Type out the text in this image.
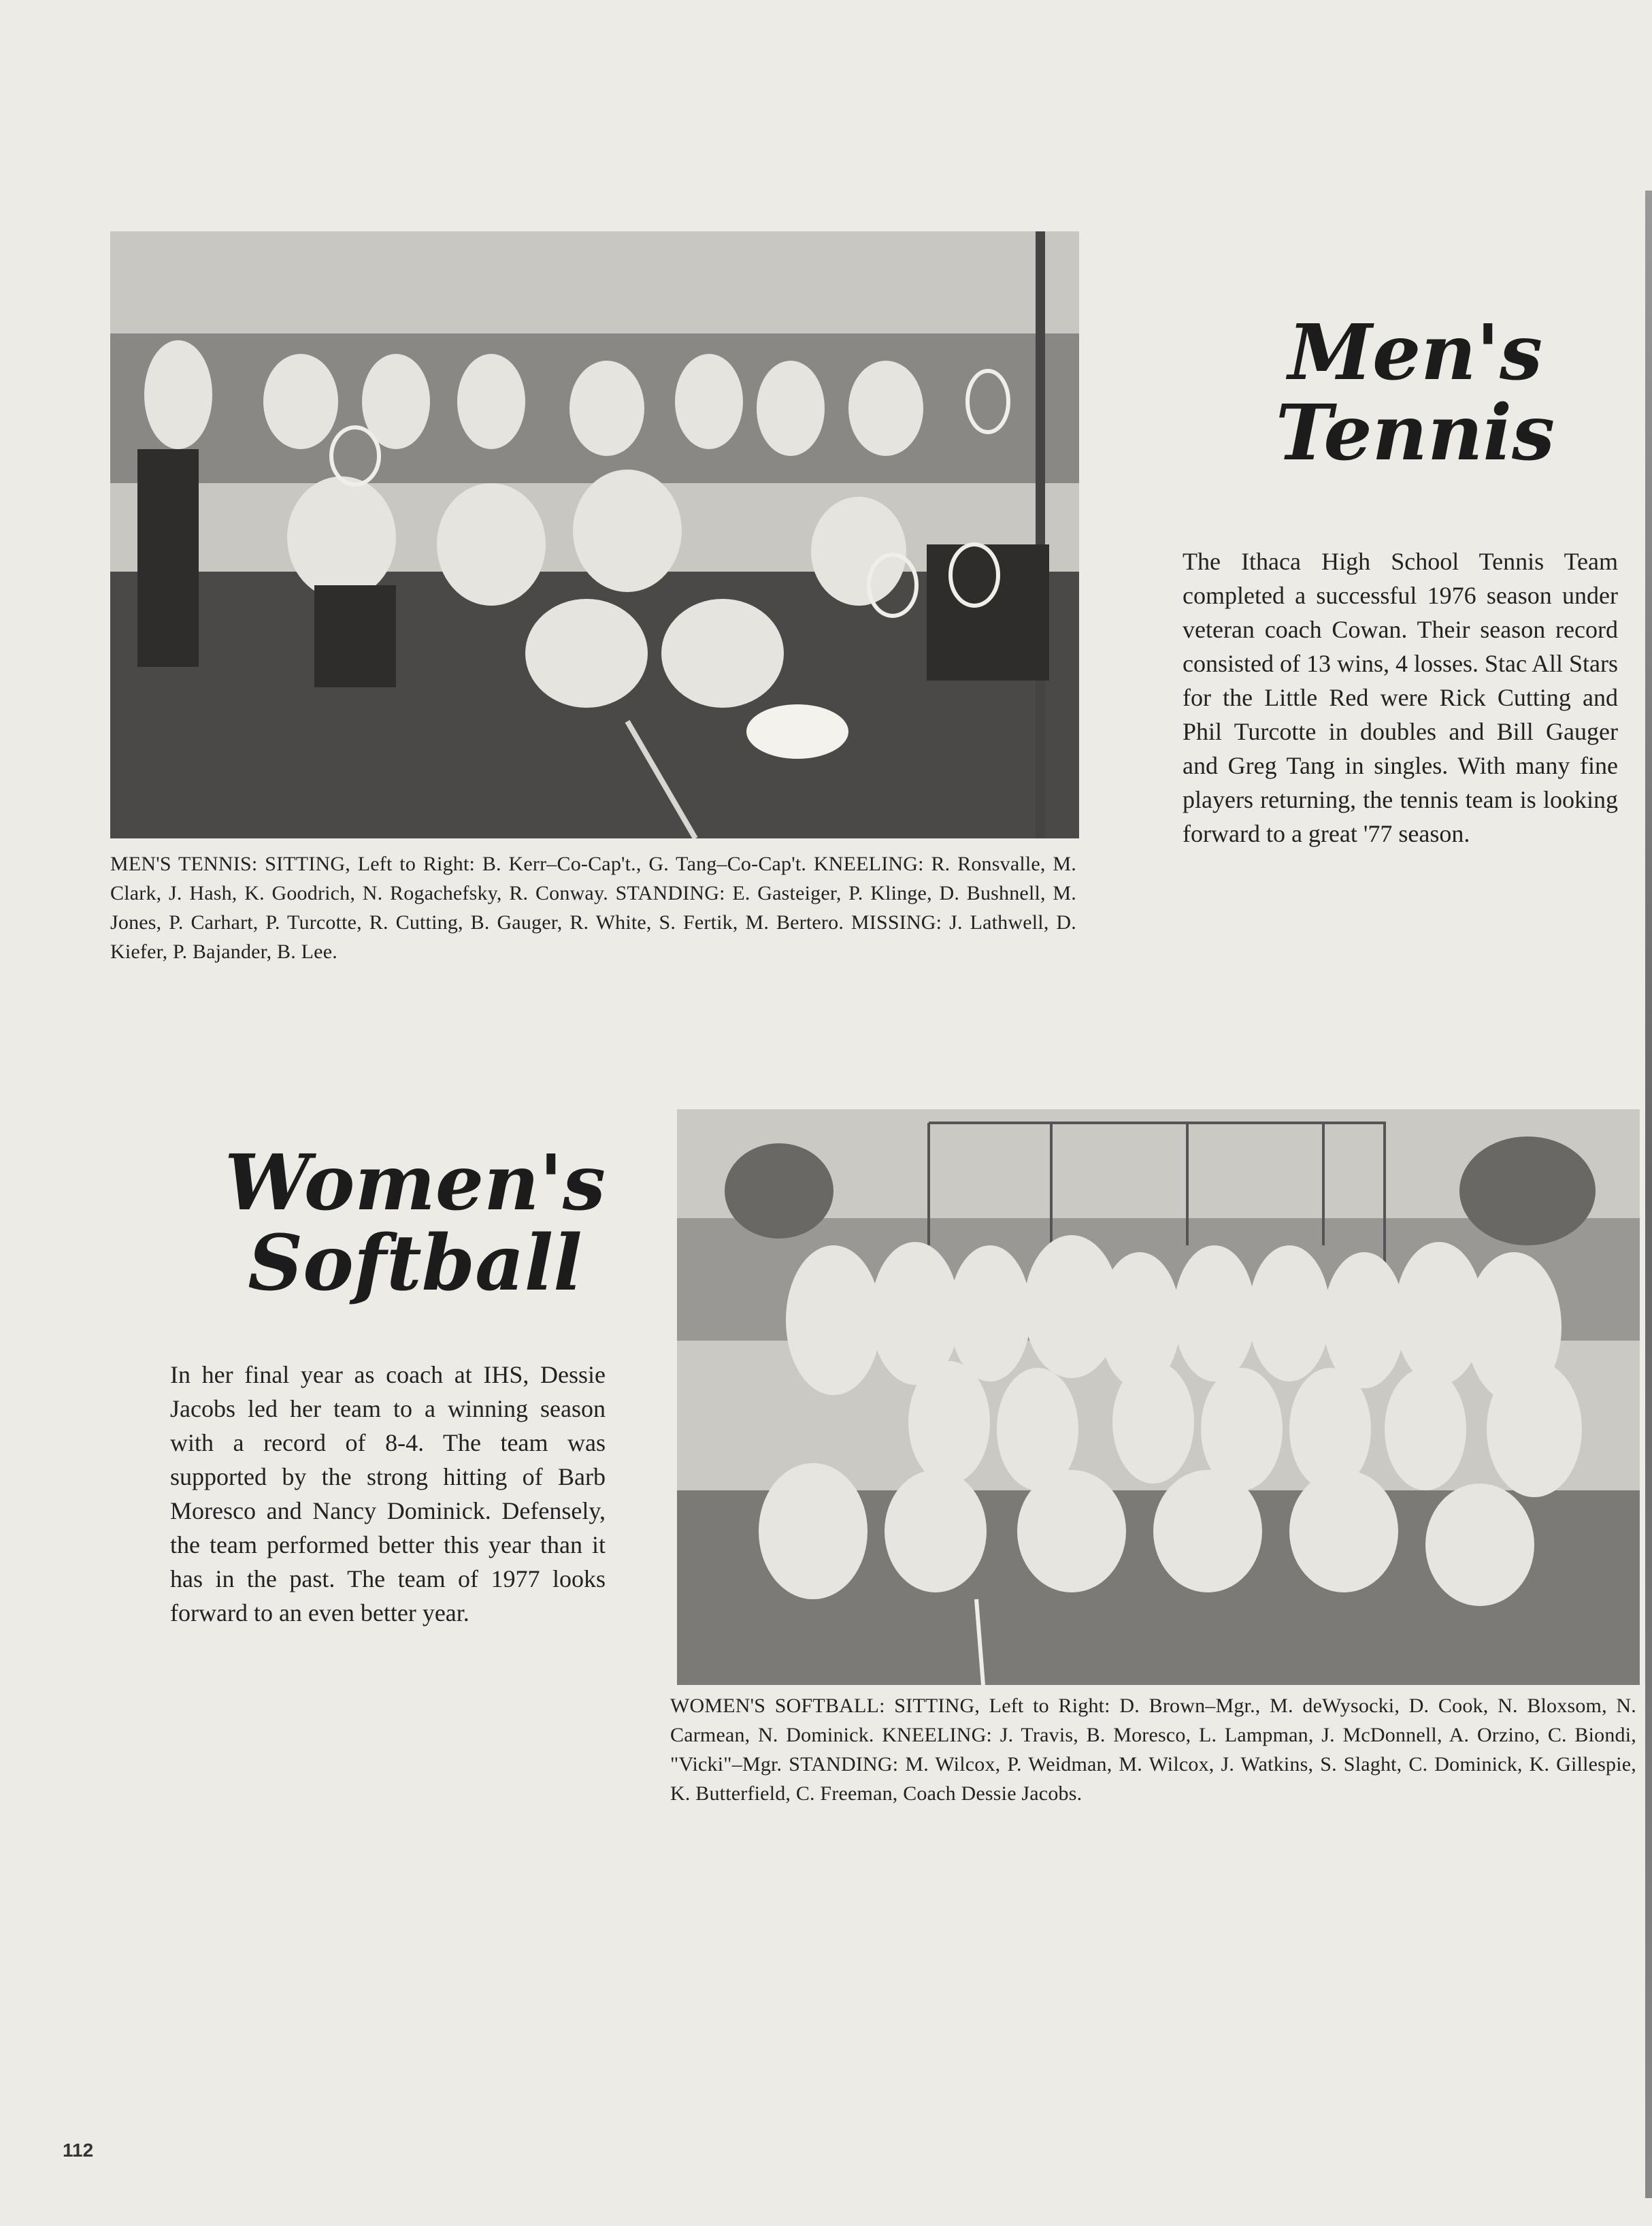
MEN'S TENNIS: SITTING, Left to Right: B. Kerr–Co-Cap't., G. Tang–Co-Cap't. KNEELING: R. Ronsvalle, M. Clark, J. Hash, K. Goodrich, N. Rogachefsky, R. Conway. STANDING: E. Gasteiger, P. Klinge, D. Bushnell, M. Jones, P. Carhart, P. Turcotte, R. Cutting, B. Gauger, R. White, S. Fertik, M. Bertero. MISSING: J. Lathwell, D. Kiefer, P. Bajander, B. Lee.
Men's
Tennis

The Ithaca High School Tennis Team completed a successful 1976 season under veteran coach Cowan. Their season record consisted of 13 wins, 4 losses. Stac All Stars for the Little Red were Rick Cutting and Phil Turcotte in doubles and Bill Gauger and Greg Tang in singles. With many fine players returning, the tennis team is looking forward to a great '77 season.

Women's
Softball

In her final year as coach at IHS, Dessie Jacobs led her team to a winning season with a record of 8-4. The team was supported by the strong hitting of Barb Moresco and Nancy Dominick. Defensely, the team performed better this year than it has in the past. The team of 1977 looks forward to an even better year.

WOMEN'S SOFTBALL: SITTING, Left to Right: D. Brown–Mgr., M. deWysocki, D. Cook, N. Bloxsom, N. Carmean, N. Dominick. KNEELING: J. Travis, B. Moresco, L. Lampman, J. McDonnell, A. Orzino, C. Biondi, "Vicki"–Mgr. STANDING: M. Wilcox, P. Weidman, M. Wilcox, J. Watkins, S. Slaght, C. Dominick, K. Gillespie, K. Butterfield, C. Freeman, Coach Dessie Jacobs.
112
